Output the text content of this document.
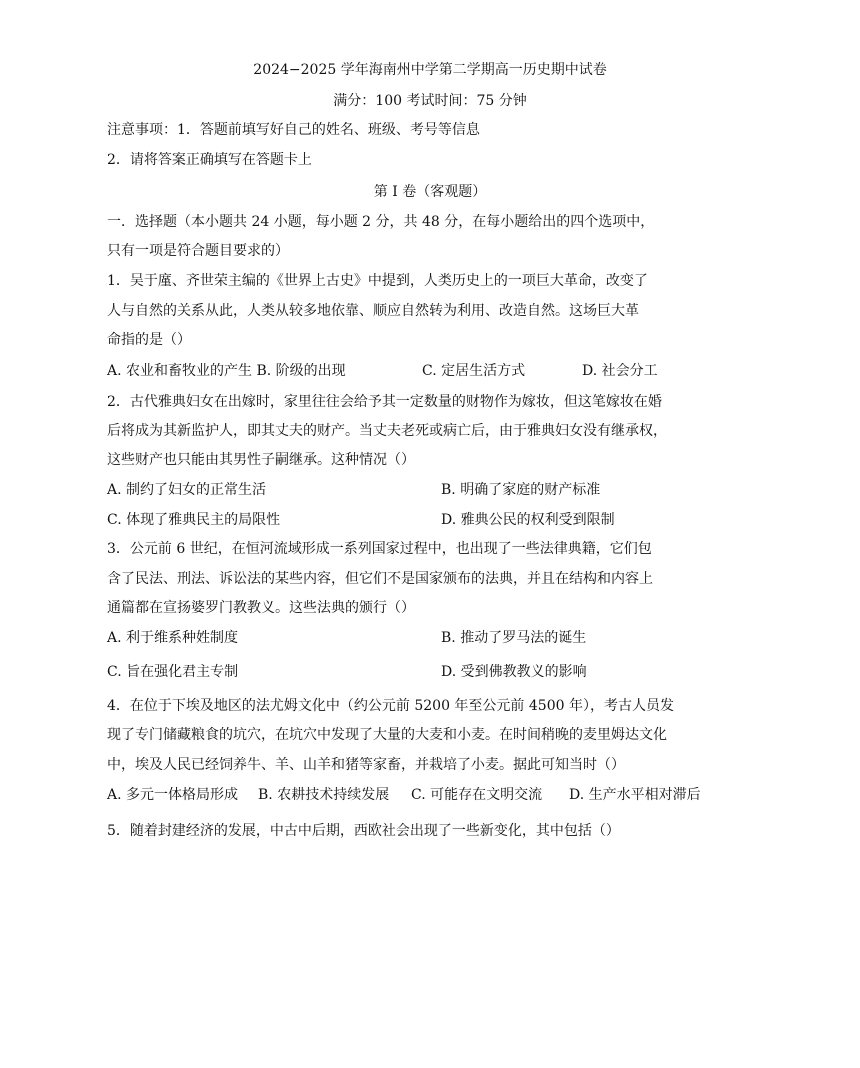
2024−2025 学年海南州中学第二学期高一历史期中试卷
满分：100 考试时间：75 分钟
注意事项：1．答题前填写好自己的姓名、班级、考号等信息
2．请将答案正确填写在答题卡上
第 I 卷（客观题）
一．选择题（本小题共 24 小题，每小题 2 分，共 48 分，在每小题给出的四个选项中，
只有一项是符合题目要求的）
1．吴于廑、齐世荣主编的《世界上古史》中提到，人类历史上的一项巨大革命，改变了
人与自然的关系从此，人类从较多地依靠、顺应自然转为利用、改造自然。这场巨大革
命指的是（）
A. 农业和畜牧业的产生 B. 阶级的出现	C. 定居生活方式	D. 社会分工
2．古代雅典妇女在出嫁时，家里往往会给予其一定数量的财物作为嫁妆，但这笔嫁妆在婚
后将成为其新监护人，即其丈夫的财产。当丈夫老死或病亡后，由于雅典妇女没有继承权，
这些财产也只能由其男性子嗣继承。这种情况（）
A. 制约了妇女的正常生活	B. 明确了家庭的财产标准
C. 体现了雅典民主的局限性	D. 雅典公民的权利受到限制
3．公元前 6 世纪，在恒河流域形成一系列国家过程中，也出现了一些法律典籍，它们包
含了民法、刑法、诉讼法的某些内容，但它们不是国家颁布的法典，并且在结构和内容上
通篇都在宣扬婆罗门教教义。这些法典的颁行（）
A. 利于维系种姓制度	B. 推动了罗马法的诞生
C. 旨在强化君主专制	D. 受到佛教教义的影响
4．在位于下埃及地区的法尤姆文化中（约公元前 5200 年至公元前 4500 年），考古人员发
现了专门储藏粮食的坑穴，在坑穴中发现了大量的大麦和小麦。在时间稍晚的麦里姆达文化
中，埃及人民已经饲养牛、羊、山羊和猪等家畜，并栽培了小麦。据此可知当时（）
A. 多元一体格局形成 B. 农耕技术持续发展 C. 可能存在文明交流 D. 生产水平相对滞后
5．随着封建经济的发展，中古中后期，西欧社会出现了一些新变化，其中包括（）
